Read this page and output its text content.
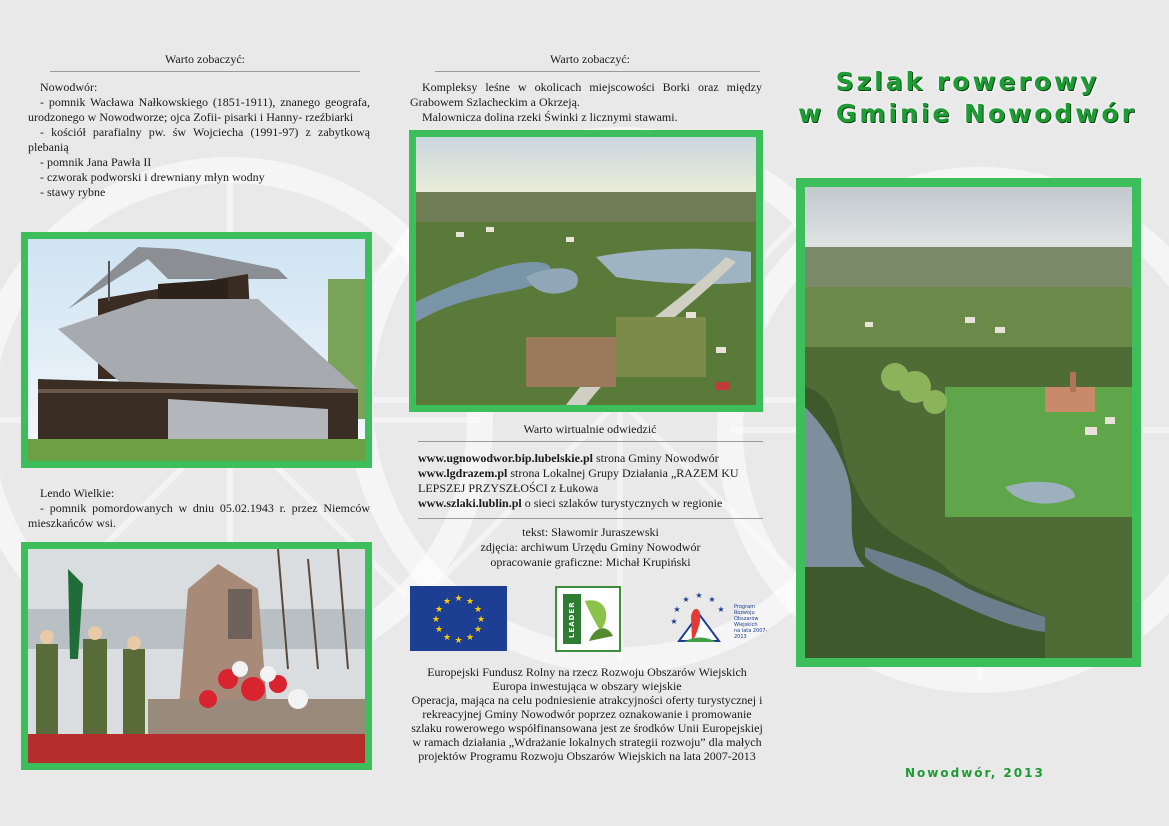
Warto zobaczyć:

Nowodwór:

- pomnik Wacława Nałkowskiego (1851-1911), znanego geografa, urodzonego w Nowodworze; ojca Zofii- pisarki i Hanny- rzeźbiarki

- kościół parafialny pw. św Wojciecha (1991-97) z zabytkową plebanią

- pomnik Jana Pawła II

- czworak podworski i drewniany młyn wodny

- stawy rybne

Lendo Wielkie:

- pomnik pomordowanych w dniu 05.02.1943 r. przez Niemców mieszkańców wsi.

Warto zobaczyć:

Kompleksy leśne w okolicach miejscowości Borki oraz między Grabowem Szlacheckim a Okrzeją.

Malownicza dolina rzeki Świnki z licznymi stawami.

Warto wirtualnie odwiedzić

www.ugnowodwor.bip.lubelskie.pl strona Gminy Nowodwór

www.lgdrazem.pl strona Lokalnej Grupy Działania „RAZEM KU LEPSZEJ PRZYSZŁOŚCI z Łukowa

www.szlaki.lublin.pl o sieci szlaków turystycznych w regionie

tekst: Sławomir Juraszewski

zdjęcia: archiwum Urzędu Gminy Nowodwór

opracowanie graficzne: Michał Krupiński

★ ★
★
★
★
★
★
★
★
★
★
★	LEADER
★ ★
★
★
★
★
Program
Rozwoju
Obszarów
Wiejskich
na lata 2007-2013

Europejski Fundusz Rolny na rzecz Rozwoju Obszarów Wiejskich

Europa inwestująca w obszary wiejskie

Operacja, mająca na celu podniesienie atrakcyjności oferty turystycznej i rekreacyjnej Gminy Nowodwór poprzez oznakowanie i promowanie szlaku rowerowego współfinansowana jest ze środków Unii Europejskiej w ramach działania „Wdrażanie lokalnych strategii rozwoju” dla małych projektów Programu Rozwoju Obszarów Wiejskich na lata 2007-2013

Szlak rowerowy
w Gminie Nowodwór
Nowodwór, 2013
